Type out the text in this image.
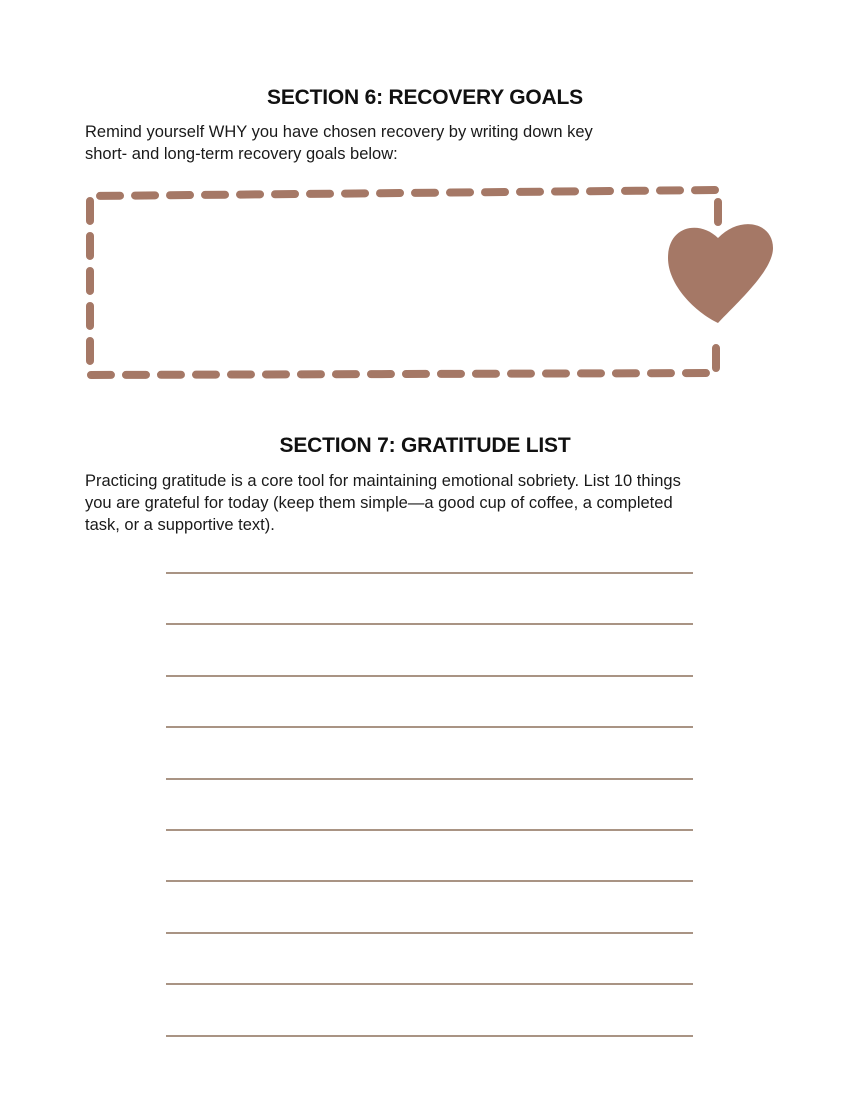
SECTION 6: RECOVERY GOALS
Remind yourself WHY you have chosen recovery by writing down key
short- and long-term recovery goals below:
SECTION 7: GRATITUDE LIST
Practicing gratitude is a core tool for maintaining emotional sobriety. List 10 things
you are grateful for today (keep them simple—a good cup of coffee, a completed
task, or a supportive text).
